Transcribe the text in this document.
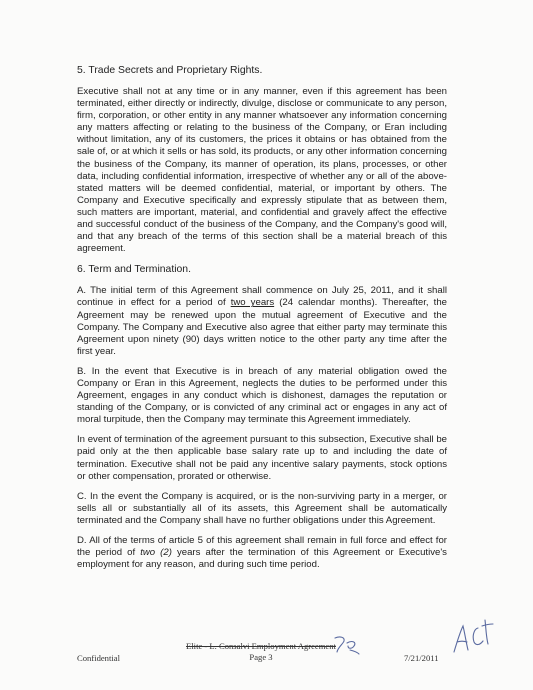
5. Trade Secrets and Proprietary Rights.

Executive shall not at any time or in any manner, even if this agreement has been terminated, either directly or indirectly, divulge, disclose or communicate to any person, firm, corporation, or other entity in any manner whatsoever any information concerning any matters affecting or relating to the business of the Company, or Eran including without limitation, any of its customers, the prices it obtains or has obtained from the sale of, or at which it sells or has sold, its products, or any other information concerning the business of the Company, its manner of operation, its plans, processes, or other data, including confidential information, irrespective of whether any or all of the above-stated matters will be deemed confidential, material, or important by others. The Company and Executive specifically and expressly stipulate that as between them, such matters are important, material, and confidential and gravely affect the effective and successful conduct of the business of the Company, and the Company's good will, and that any breach of the terms of this section shall be a material breach of this agreement.

6. Term and Termination.

A. The initial term of this Agreement shall commence on July 25, 2011, and it shall continue in effect for a period of two years (24 calendar months). Thereafter, the Agreement may be renewed upon the mutual agreement of Executive and the Company. The Company and Executive also agree that either party may terminate this Agreement upon ninety (90) days written notice to the other party any time after the first year.

B. In the event that Executive is in breach of any material obligation owed the Company or Eran in this Agreement, neglects the duties to be performed under this Agreement, engages in any conduct which is dishonest, damages the reputation or standing of the Company, or is convicted of any criminal act or engages in any act of moral turpitude, then the Company may terminate this Agreement immediately.

In event of termination of the agreement pursuant to this subsection, Executive shall be paid only at the then applicable base salary rate up to and including the date of termination. Executive shall not be paid any incentive salary payments, stock options or other compensation, prorated or otherwise.

C. In the event the Company is acquired, or is the non-surviving party in a merger, or sells all or substantially all of its assets, this Agreement shall be automatically terminated and the Company shall have no further obligations under this Agreement.

D. All of the terms of article 5 of this agreement shall remain in full force and effect for the period of two (2) years after the termination of this Agreement or Executive's employment for any reason, and during such time period.

Confidential
Elite - L. Consalvi Employment Agreement
Page 3	7/21/2011
